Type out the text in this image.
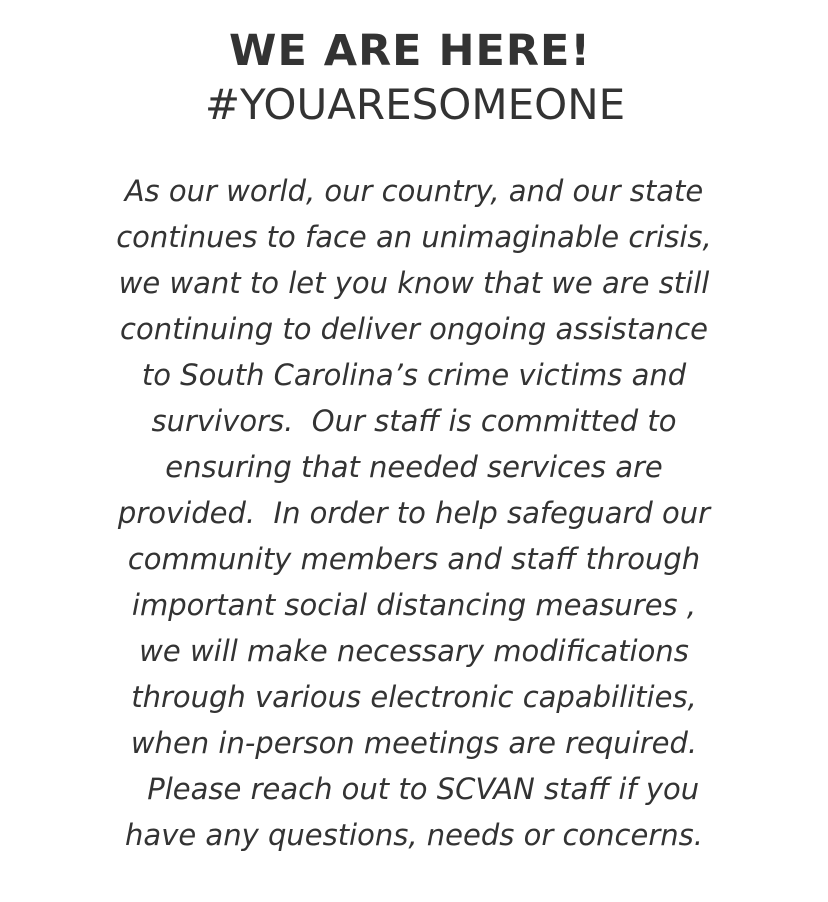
WE ARE HERE!
#YOUARESOMEONE
As our world, our country, and our state
continues to face an unimaginable crisis,
we want to let you know that we are still
continuing to deliver ongoing assistance
to South Carolina’s crime victims and
survivors.  Our staff is committed to
ensuring that needed services are
provided.  In order to help safeguard our
community members and staff through
important social distancing measures ,
we will make necessary modifications
through various electronic capabilities,
when in-person meetings are required.
Please reach out to SCVAN staff if you
have any questions, needs or concerns.
